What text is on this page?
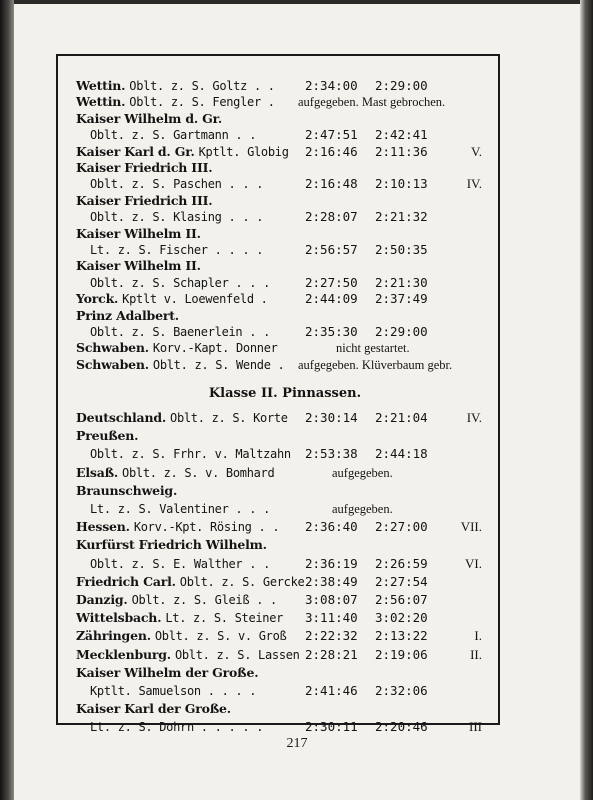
Wettin. Oblt. z. S. Goltz . . 2:34:00 2:29:00
Wettin. Oblt. z. S. Fengler . aufgegeben. Mast gebrochen.
Kaiser Wilhelm d. Gr.
Oblt. z. S. Gartmann . .	2:47:51 2:42:41
Kaiser Karl d. Gr. Kptlt. Globig 2:16:46 2:11:36	V.
Kaiser Friedrich III.
Oblt. z. S. Paschen . . .	2:16:48 2:10:13	IV.
Kaiser Friedrich III.
Oblt. z. S. Klasing . . .	2:28:07 2:21:32
Kaiser Wilhelm II.
Lt. z. S. Fischer . . . .	2:56:57 2:50:35
Kaiser Wilhelm II.
Oblt. z. S. Schapler . . .	2:27:50 2:21:30
Yorck. Kptlt v. Loewenfeld .	2:44:09 2:37:49
Prinz Adalbert.
Oblt. z. S. Baenerlein . .	2:35:30 2:29:00
Schwaben. Korv.-Kapt. Donner	nicht gestartet.
Schwaben. Oblt. z. S. Wende . aufgegeben. Klüverbaum gebr.
Klasse II. Pinnassen.
Deutschland. Oblt. z. S. Korte 2:30:14 2:21:04	IV.
Preußen.
Oblt. z. S. Frhr. v. Maltzahn 2:53:38 2:44:18
Elsaß. Oblt. z. S. v. Bomhard	aufgegeben.
Braunschweig.
Lt. z. S. Valentiner . . .	aufgegeben.
Hessen. Korv.-Kpt. Rösing . . 2:36:40 2:27:00	VII.
Kurfürst Friedrich Wilhelm.
Oblt. z. S. E. Walther . .	2:36:19 2:26:59	VI.
Friedrich Carl. Oblt. z. S. Gercke 2:38:49 2:27:54
Danzig. Oblt. z. S. Gleiß . . 3:08:07 2:56:07
Wittelsbach. Lt. z. S. Steiner 3:11:40 3:02:20
Zähringen. Oblt. z. S. v. Groß 2:22:32 2:13:22	I.
Mecklenburg. Oblt. z. S. Lassen 2:28:21 2:19:06	II.
Kaiser Wilhelm der Große.
Kptlt. Samuelson . . . .	2:41:46 2:32:06
Kaiser Karl der Große.
Lt. z. S. Dohrn . . . . .	2:30:11 2:20:46	III
217
